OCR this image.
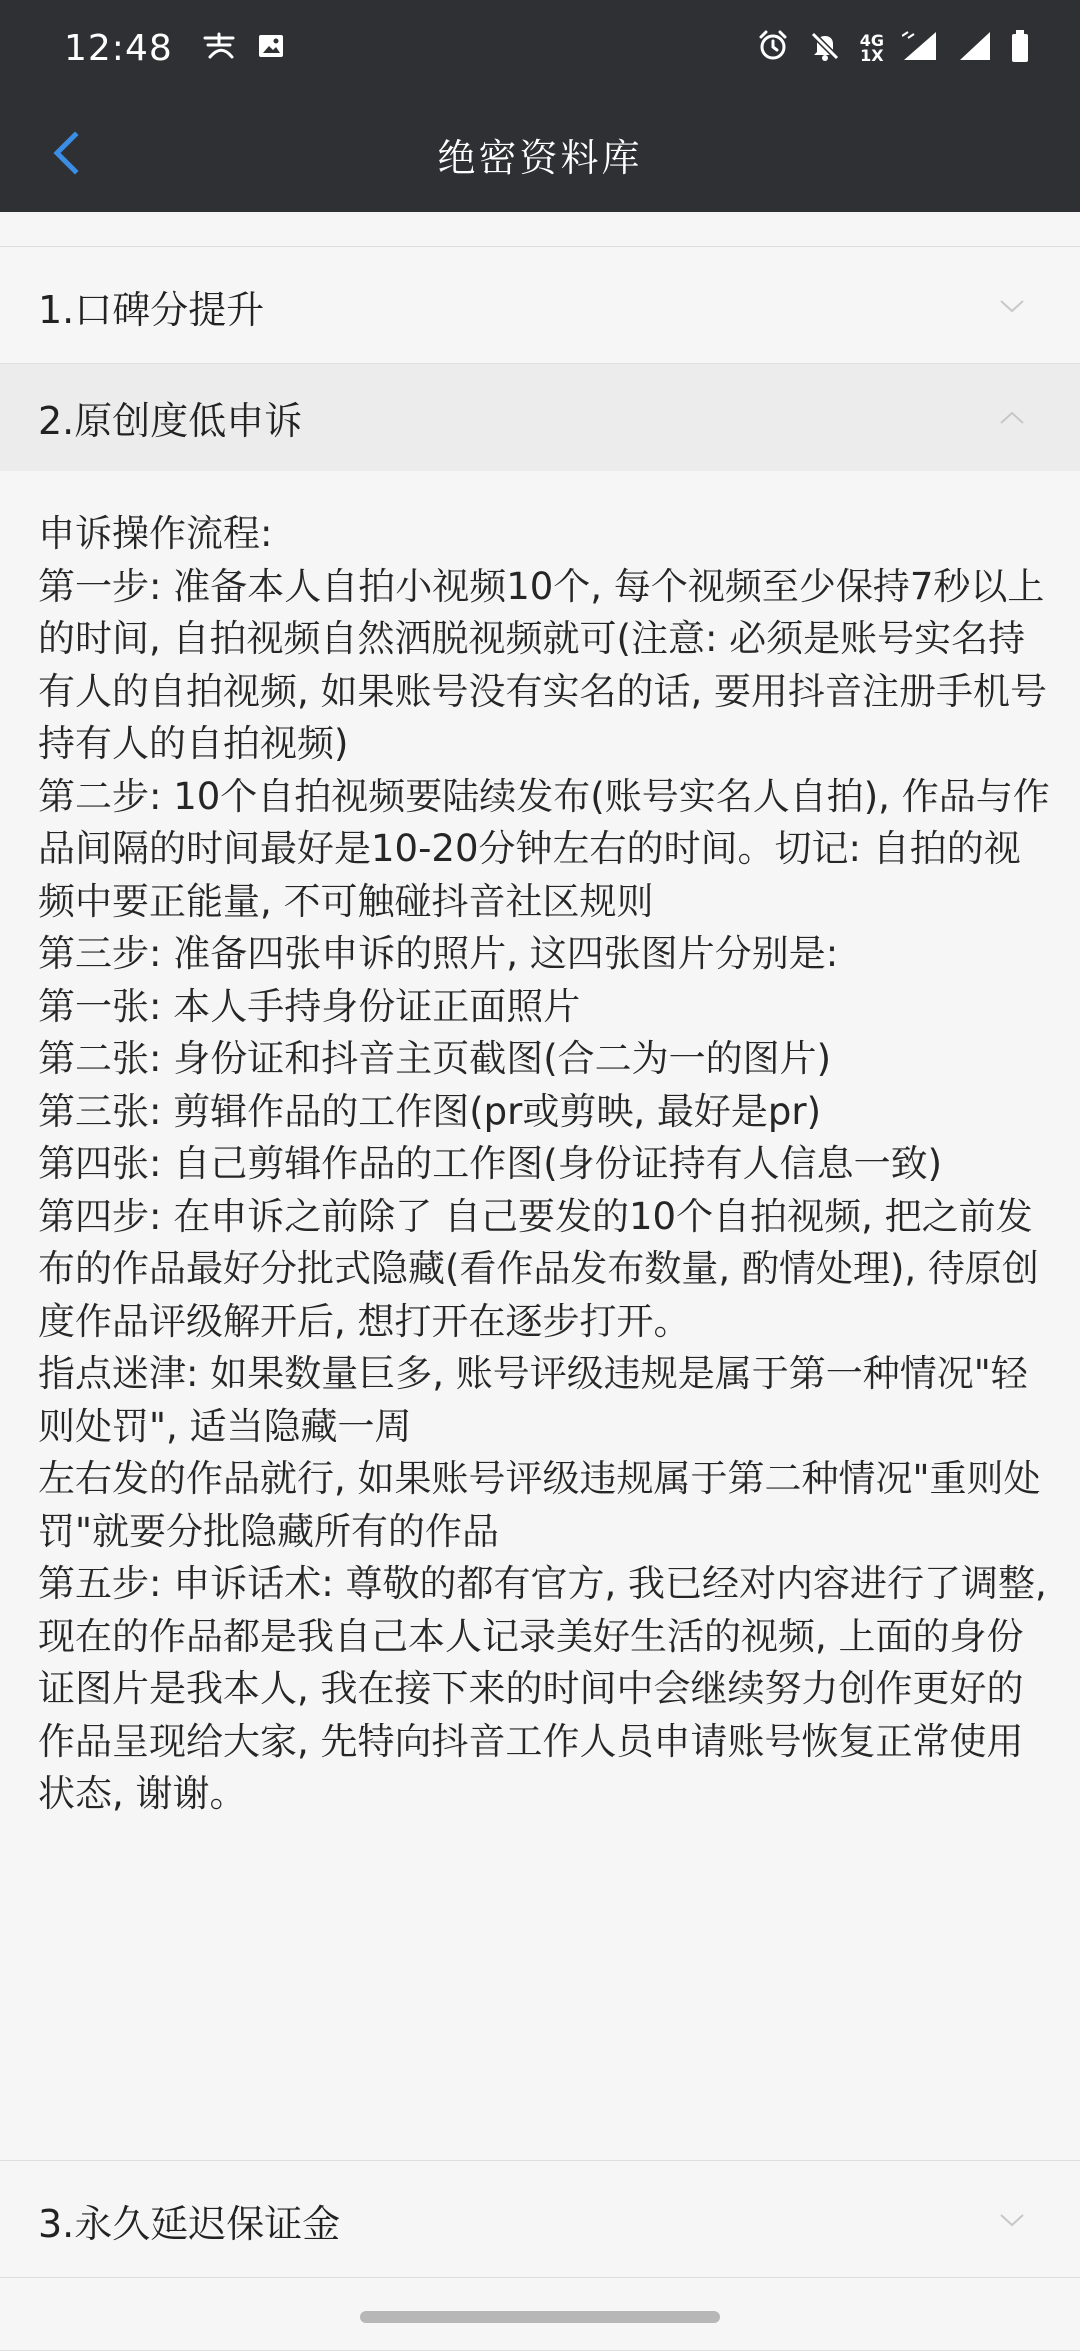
12:48	4G
1X
绝密资料库
1.口碑分提升
2.原创度低申诉
申诉操作流程:
第一步: 准备本人自拍小视频10个, 每个视频至少保持7秒以上的时间, 自拍视频自然洒脱视频就可(注意: 必须是账号实名持有人的自拍视频, 如果账号没有实名的话, 要用抖音注册手机号持有人的自拍视频)
第二步: 10个自拍视频要陆续发布(账号实名人自拍), 作品与作品间隔的时间最好是10-20分钟左右的时间。切记: 自拍的视频中要正能量, 不可触碰抖音社区规则
第三步: 准备四张申诉的照片, 这四张图片分别是:
第一张: 本人手持身份证正面照片
第二张: 身份证和抖音主页截图(合二为一的图片)
第三张: 剪辑作品的工作图(pr或剪映, 最好是pr)
第四张: 自己剪辑作品的工作图(身份证持有人信息一致)
第四步: 在申诉之前除了 自己要发的10个自拍视频, 把之前发布的作品最好分批式隐藏(看作品发布数量, 酌情处理), 待原创度作品评级解开后, 想打开在逐步打开。
指点迷津: 如果数量巨多, 账号评级违规是属于第一种情况"轻则处罚", 适当隐藏一周
左右发的作品就行, 如果账号评级违规属于第二种情况"重则处罚"就要分批隐藏所有的作品
第五步: 申诉话术: 尊敬的都有官方, 我已经对内容进行了调整, 现在的作品都是我自己本人记录美好生活的视频, 上面的身份证图片是我本人, 我在接下来的时间中会继续努力创作更好的作品呈现给大家, 先特向抖音工作人员申请账号恢复正常使用状态, 谢谢。
3.永久延迟保证金
